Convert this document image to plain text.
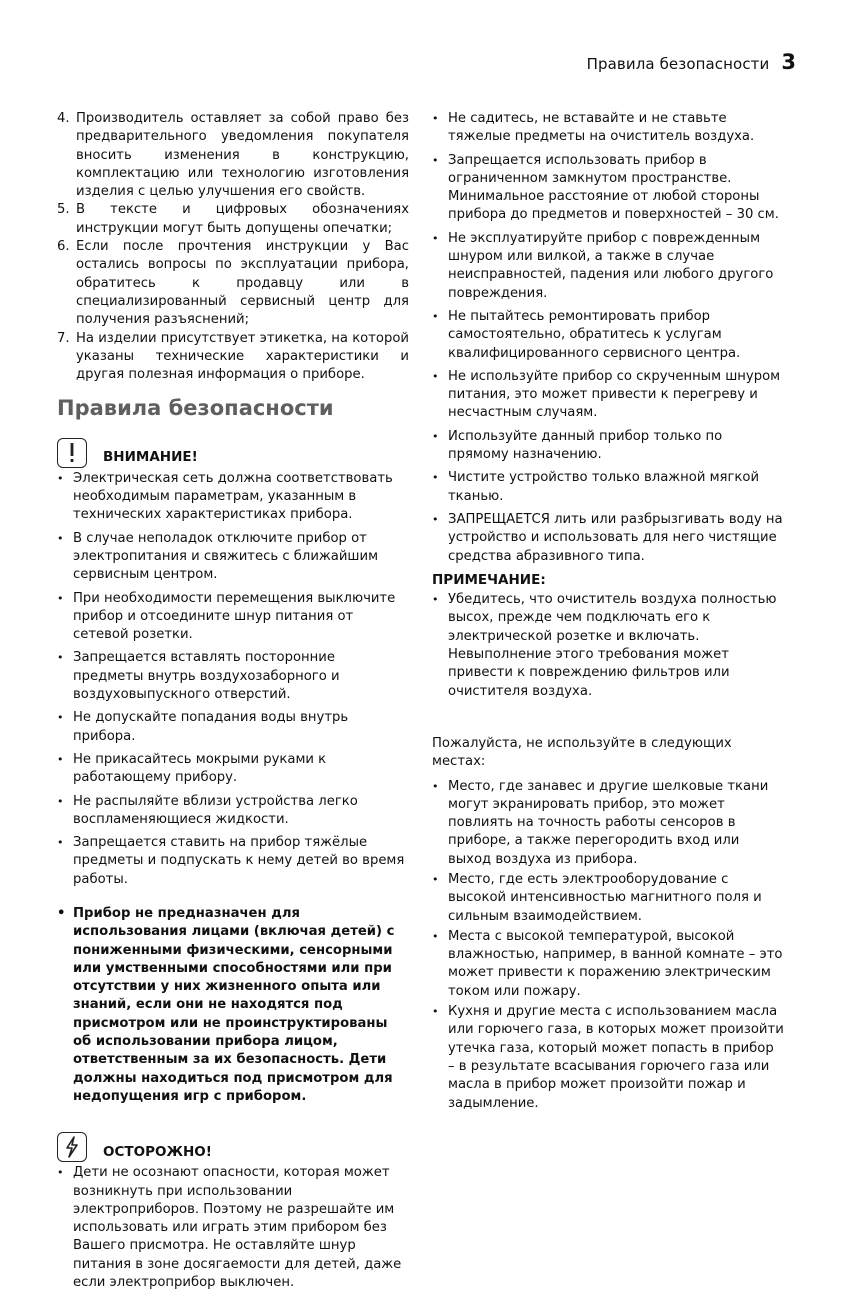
Правила безопасности 3
4. Производитель оставляет за собой право без предварительного уведомления покупателя вносить изменения в конструкцию, комплектацию или технологию изготовления изделия с целью улучшения его свойств.
5. В тексте и цифровых обозначениях инструкции могут быть допущены опечатки;
6. Если после прочтения инструкции у Вас остались вопросы по эксплуатации прибора, обратитесь к продавцу или в специализированный сервисный центр для получения разъяснений;
7. На изделии присутствует этикетка, на которой указаны технические характеристики и другая полезная информация о приборе.
Правила безопасности
ВНИМАНИЕ!
• Электрическая сеть должна соответствовать необходимым параметрам, указанным в технических характеристиках прибора.
• В случае неполадок отключите прибор от электропитания и свяжитесь с ближайшим сервисным центром.
• При необходимости перемещения выключите прибор и отсоедините шнур питания от сетевой розетки.
• Запрещается вставлять посторонние предметы внутрь воздухозаборного и воздуховыпускного отверстий.
• Не допускайте попадания воды внутрь прибора.
• Не прикасайтесь мокрыми руками к работающему прибору.
• Не распыляйте вблизи устройства легко воспламеняющиеся жидкости.
• Запрещается ставить на прибор тяжёлые предметы и подпускать к нему детей во время работы.
• Прибор не предназначен для использования лицами (включая детей) с пониженными физическими, сенсорными или умственными способностями или при отсутствии у них жизненного опыта или знаний, если они не находятся под присмотром или не проинструктированы об использовании прибора лицом, ответственным за их безопасность. Дети должны находиться под присмотром для недопущения игр с прибором.
ОСТОРОЖНО!
• Дети не осознают опасности, которая может возникнуть при использовании электроприборов. Поэтому не разрешайте им использовать или играть этим прибором без Вашего присмотра. Не оставляйте шнур питания в зоне досягаемости для детей, даже если электроприбор выключен.
• Не садитесь, не вставайте и не ставьте тяжелые предметы на очиститель воздуха.
• Запрещается использовать прибор в ограниченном замкнутом пространстве. Минимальное расстояние от любой стороны прибора до предметов и поверхностей – 30 см.
• Не эксплуатируйте прибор с поврежденным шнуром или вилкой, а также в случае неисправностей, падения или любого другого повреждения.
• Не пытайтесь ремонтировать прибор самостоятельно, обратитесь к услугам квалифицированного сервисного центра.
• Не используйте прибор со скрученным шнуром питания, это может привести к перегреву и несчастным случаям.
• Используйте данный прибор только по прямому назначению.
• Чистите устройство только влажной мягкой тканью.
• ЗАПРЕЩАЕТСЯ лить или разбрызгивать воду на устройство и использовать для него чистящие средства абразивного типа.
ПРИМЕЧАНИЕ:
• Убедитесь, что очиститель воздуха полностью высох, прежде чем подключать его к электрической розетке и включать. Невыполнение этого требования может привести к повреждению фильтров или очистителя воздуха.
Пожалуйста, не используйте в следующих местах:
• Место, где занавес и другие шелковые ткани могут экранировать прибор, это может повлиять на точность работы сенсоров в приборе, а также перегородить вход или выход воздуха из прибора.
• Место, где есть электрооборудование с высокой интенсивностью магнитного поля и сильным взаимодействием.
• Места с высокой температурой, высокой влажностью, например, в ванной комнате – это может привести к поражению электрическим током или пожару.
• Кухня и другие места с использованием масла или горючего газа, в которых может произойти утечка газа, который может попасть в прибор – в результате всасывания горючего газа или масла в прибор может произойти пожар и задымление.
